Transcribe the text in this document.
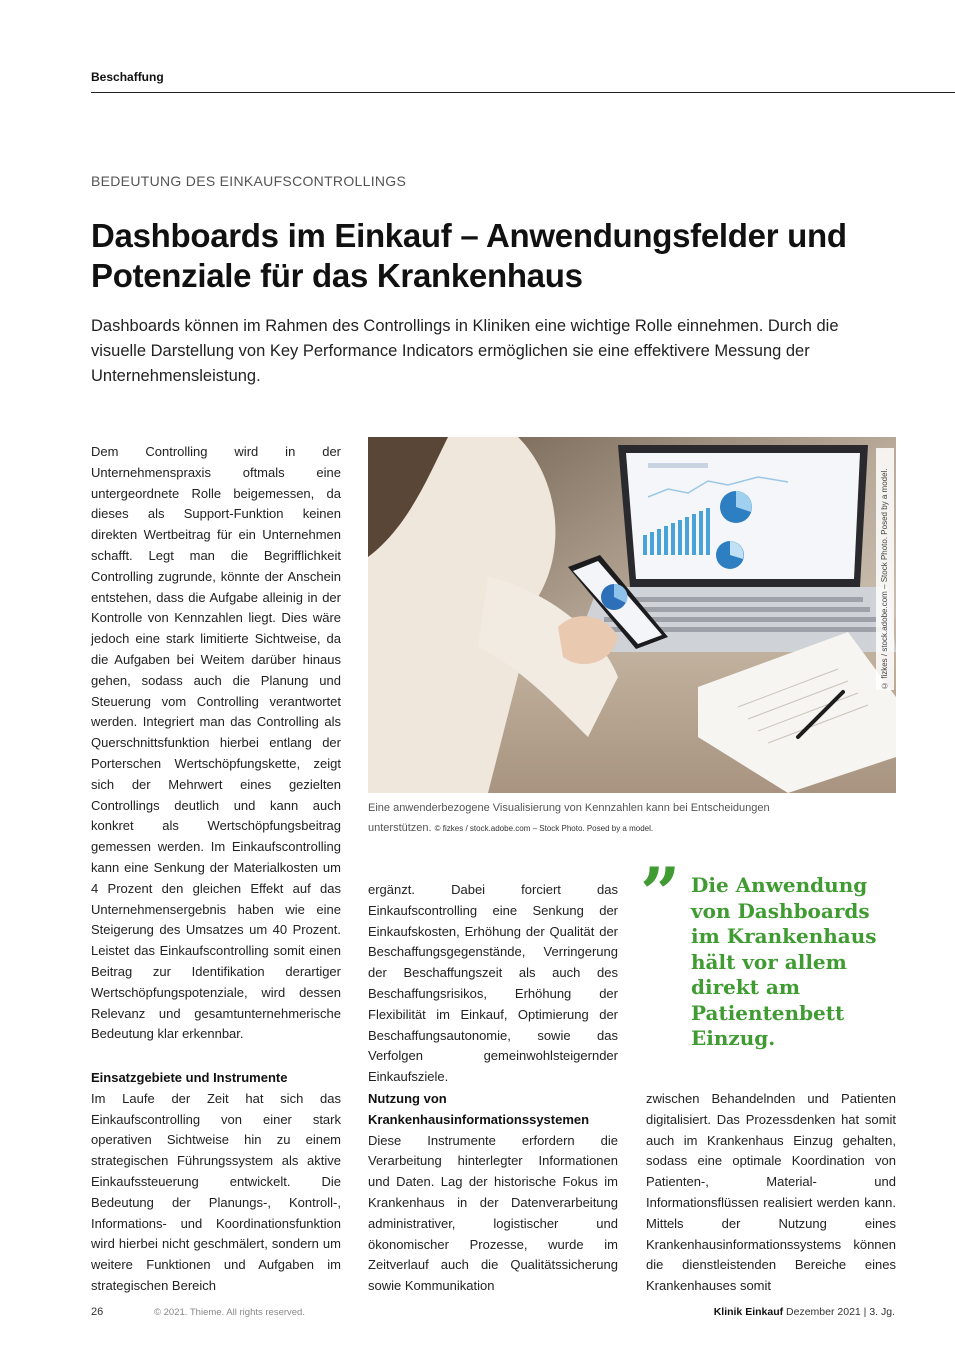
Beschaffung
BEDEUTUNG DES EINKAUFSCONTROLLINGS
Dashboards im Einkauf – Anwendungsfelder und Potenziale für das Krankenhaus

Dashboards können im Rahmen des Controllings in Kliniken eine wichtige Rolle einnehmen. Durch die visuelle Darstellung von Key Performance Indicators ermöglichen sie eine effektivere Messung der Unternehmensleistung.

Dem Controlling wird in der Unternehmenspraxis oftmals eine untergeordnete Rolle beigemessen, da dieses als Support-Funktion keinen direkten Wertbeitrag für ein Unternehmen schafft. Legt man die Begrifflichkeit Controlling zugrunde, könnte der Anschein entstehen, dass die Aufgabe alleinig in der Kontrolle von Kennzahlen liegt. Dies wäre jedoch eine stark limitierte Sichtweise, da die Aufgaben bei Weitem darüber hinaus gehen, sodass auch die Planung und Steuerung vom Controlling verantwortet werden. Integriert man das Controlling als Querschnittsfunktion hierbei entlang der Porterschen Wertschöpfungskette, zeigt sich der Mehrwert eines gezielten Controllings deutlich und kann auch konkret als Wertschöpfungsbeitrag gemessen werden. Im Einkaufscontrolling kann eine Senkung der Materialkosten um 4 Prozent den gleichen Effekt auf das Unternehmensergebnis haben wie eine Steigerung des Umsatzes um 40 Prozent. Leistet das Einkaufscontrolling somit einen Beitrag zur Identifikation derartiger Wertschöpfungspotenziale, wird dessen Relevanz und gesamtunternehmerische Bedeutung klar erkennbar.

Einsatzgebiete und Instrumente

Im Laufe der Zeit hat sich das Einkaufscontrolling von einer stark operativen Sichtweise hin zu einem strategischen Führungssystem als aktive Einkaufssteuerung entwickelt. Die Bedeutung der Planungs-, Kontroll-, Informations- und Koordinationsfunktion wird hierbei nicht geschmälert, sondern um weitere Funktionen und Aufgaben im strategischen Bereich

© fizkes / stock.adobe.com – Stock Photo. Posed by a model.
Eine anwenderbezogene Visualisierung von Kennzahlen kann bei Entscheidungen unterstützen. © fizkes / stock.adobe.com – Stock Photo. Posed by a model.

ergänzt. Dabei forciert das Einkaufscontrolling eine Senkung der Einkaufskosten, Erhöhung der Qualität der Beschaffungsgegenstände, Verringerung der Beschaffungszeit als auch des Beschaffungsrisikos, Erhöhung der Flexibilität im Einkauf, Optimierung der Beschaffungsautonomie, sowie das Verfolgen gemeinwohlsteigernder Einkaufsziele.

Nutzung von Krankenhausinformationssystemen

Diese Instrumente erfordern die Verarbeitung hinterlegter Informationen und Daten. Lag der historische Fokus im Krankenhaus in der Datenverarbeitung administrativer, logistischer und ökonomischer Prozesse, wurde im Zeitverlauf auch die Qualitätssicherung sowie Kommunikation

” Die Anwendung von Dashboards im Krankenhaus hält vor allem direkt am Patientenbett Einzug.

zwischen Behandelnden und Patienten digitalisiert. Das Prozessdenken hat somit auch im Krankenhaus Einzug gehalten, sodass eine optimale Koordination von Patienten-, Material- und Informationsflüssen realisiert werden kann. Mittels der Nutzung eines Krankenhausinformationssystems können die dienstleistenden Bereiche eines Krankenhauses somit

26	© 2021. Thieme. All rights reserved.	Klinik Einkauf Dezember 2021 | 3. Jg.
